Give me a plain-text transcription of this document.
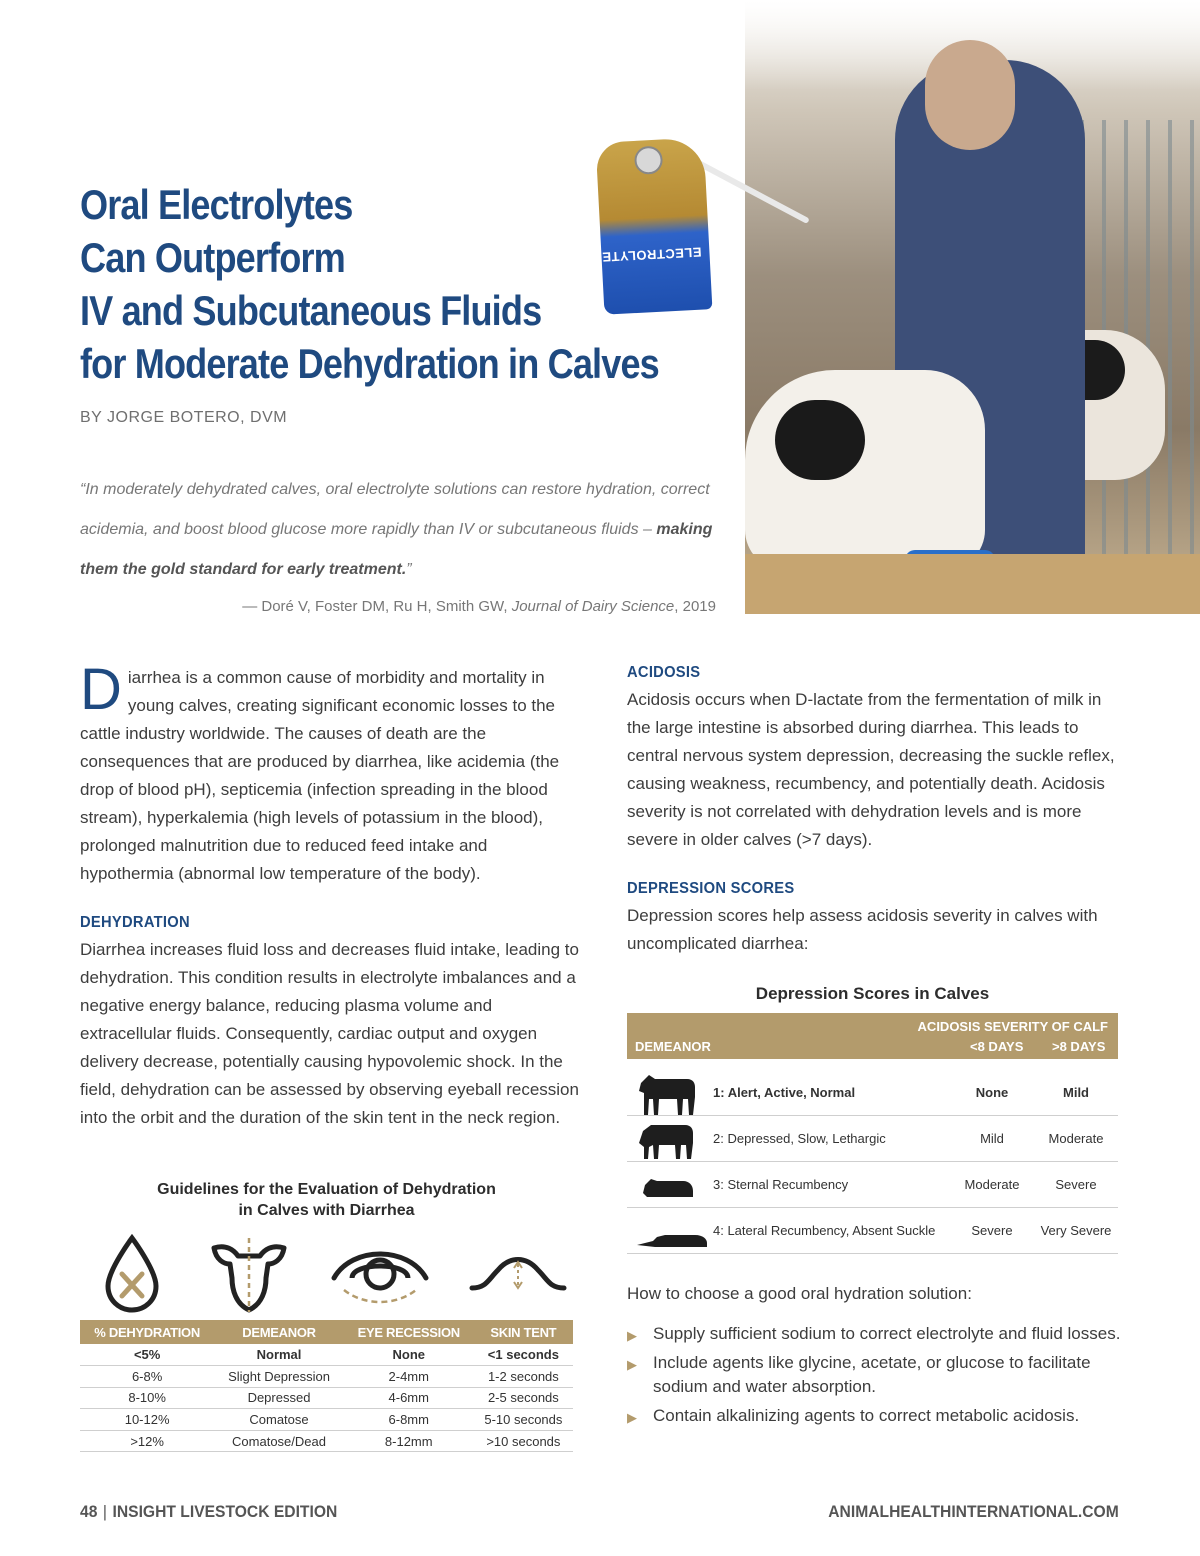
ELECTROLYTE
Oral Electrolytes
Can Outperform
IV and Subcutaneous Fluids
for Moderate Dehydration in Calves
BY JORGE BOTERO, DVM
“In moderately dehydrated calves, oral electrolyte solutions can restore hydration, correct acidemia, and boost blood glucose more rapidly than IV or subcutaneous fluids – making them the gold standard for early treatment.”
— Doré V, Foster DM, Ru H, Smith GW, Journal of Dairy Science, 2019

Diarrhea is a common cause of morbidity and mortality in young calves, creating significant economic losses to the cattle industry worldwide. The causes of death are the consequences that are produced by diarrhea, like acidemia (the drop of blood pH), septicemia (infection spreading in the blood stream), hyperkalemia (high levels of potassium in the blood), prolonged malnutrition due to reduced feed intake and hypothermia (abnormal low temperature of the body).

DEHYDRATION

Diarrhea increases fluid loss and decreases fluid intake, leading to dehydration. This condition results in electrolyte imbalances and a negative energy balance, reducing plasma volume and extracellular fluids. Consequently, cardiac output and oxygen delivery decrease, potentially causing hypovolemic shock. In the field, dehydration can be assessed by observing eyeball recession into the orbit and the duration of the skin tent in the neck region.

Guidelines for the Evaluation of Dehydration
in Calves with Diarrhea
% DEHYDRATION	DEMEANOR	EYE RECESSION	SKIN TENT
<5%	Normal	None	<1 seconds
6-8%	Slight Depression	2-4mm	1-2 seconds
8-10%	Depressed	4-6mm	2-5 seconds
10-12%	Comatose	6-8mm	5-10 seconds
>12%	Comatose/Dead	8-12mm	>10 seconds
ACIDOSIS

Acidosis occurs when D-lactate from the fermentation of milk in the large intestine is absorbed during diarrhea. This leads to central nervous system depression, decreasing the suckle reflex, causing weakness, recumbency, and potentially death. Acidosis severity is not correlated with dehydration levels and is more severe in older calves (>7 days).

DEPRESSION SCORES

Depression scores help assess acidosis severity in calves with uncomplicated diarrhea:

Depression Scores in Calves
DEMEANOR
ACIDOSIS SEVERITY OF CALF
<8 DAYS >8 DAYS
1: Alert, Active, Normal	None	Mild
2: Depressed, Slow, Lethargic	Mild	Moderate
3: Sternal Recumbency	Moderate	Severe
4: Lateral Recumbency, Absent Suckle	Severe	Very Severe
How to choose a good oral hydration solution:
▶ Supply sufficient sodium to correct electrolyte and fluid losses.
▶ Include agents like glycine, acetate, or glucose to facilitate sodium and water absorption.
▶ Contain alkalinizing agents to correct metabolic acidosis.
48 | INSIGHT LIVESTOCK EDITION	ANIMALHEALTHINTERNATIONAL.COM
